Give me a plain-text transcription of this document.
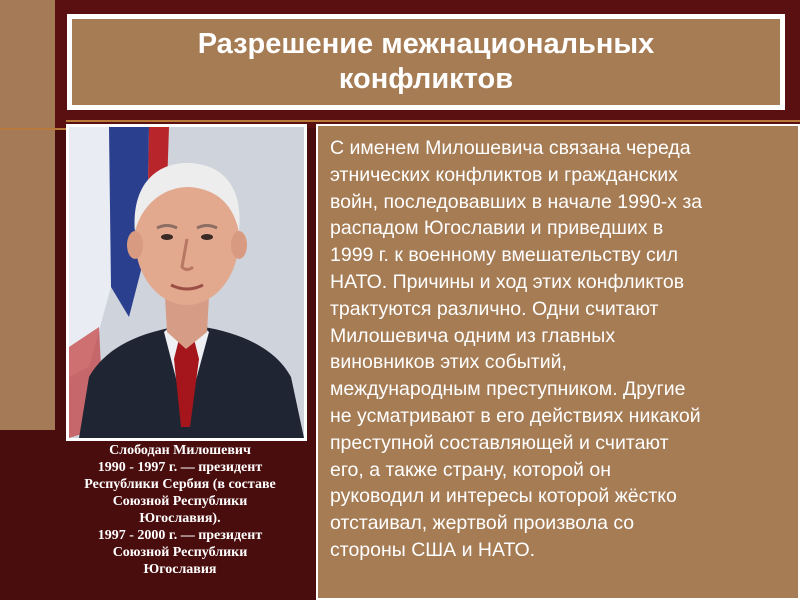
Разрешение межнациональных конфликтов
Слободан Милошевич
1990 - 1997 г. — президент
Республики Сербия (в составе
Союзной Республики
Югославия).
1997 - 2000 г. — президент
Союзной Республики
Югославия

С именем Милошевича связана череда
этнических конфликтов и гражданских
войн, последовавших в начале 1990-х за
распадом Югославии и приведших в
1999 г. к военному вмешательству сил
НАТО. Причины и ход этих конфликтов
трактуются различно. Одни считают
Милошевича одним из главных
виновников этих событий,
международным преступником. Другие
не усматривают в его действиях никакой
преступной составляющей и считают
его, а также страну, которой он
руководил и интересы которой жёстко
отстаивал, жертвой произвола со
стороны США и НАТО.
